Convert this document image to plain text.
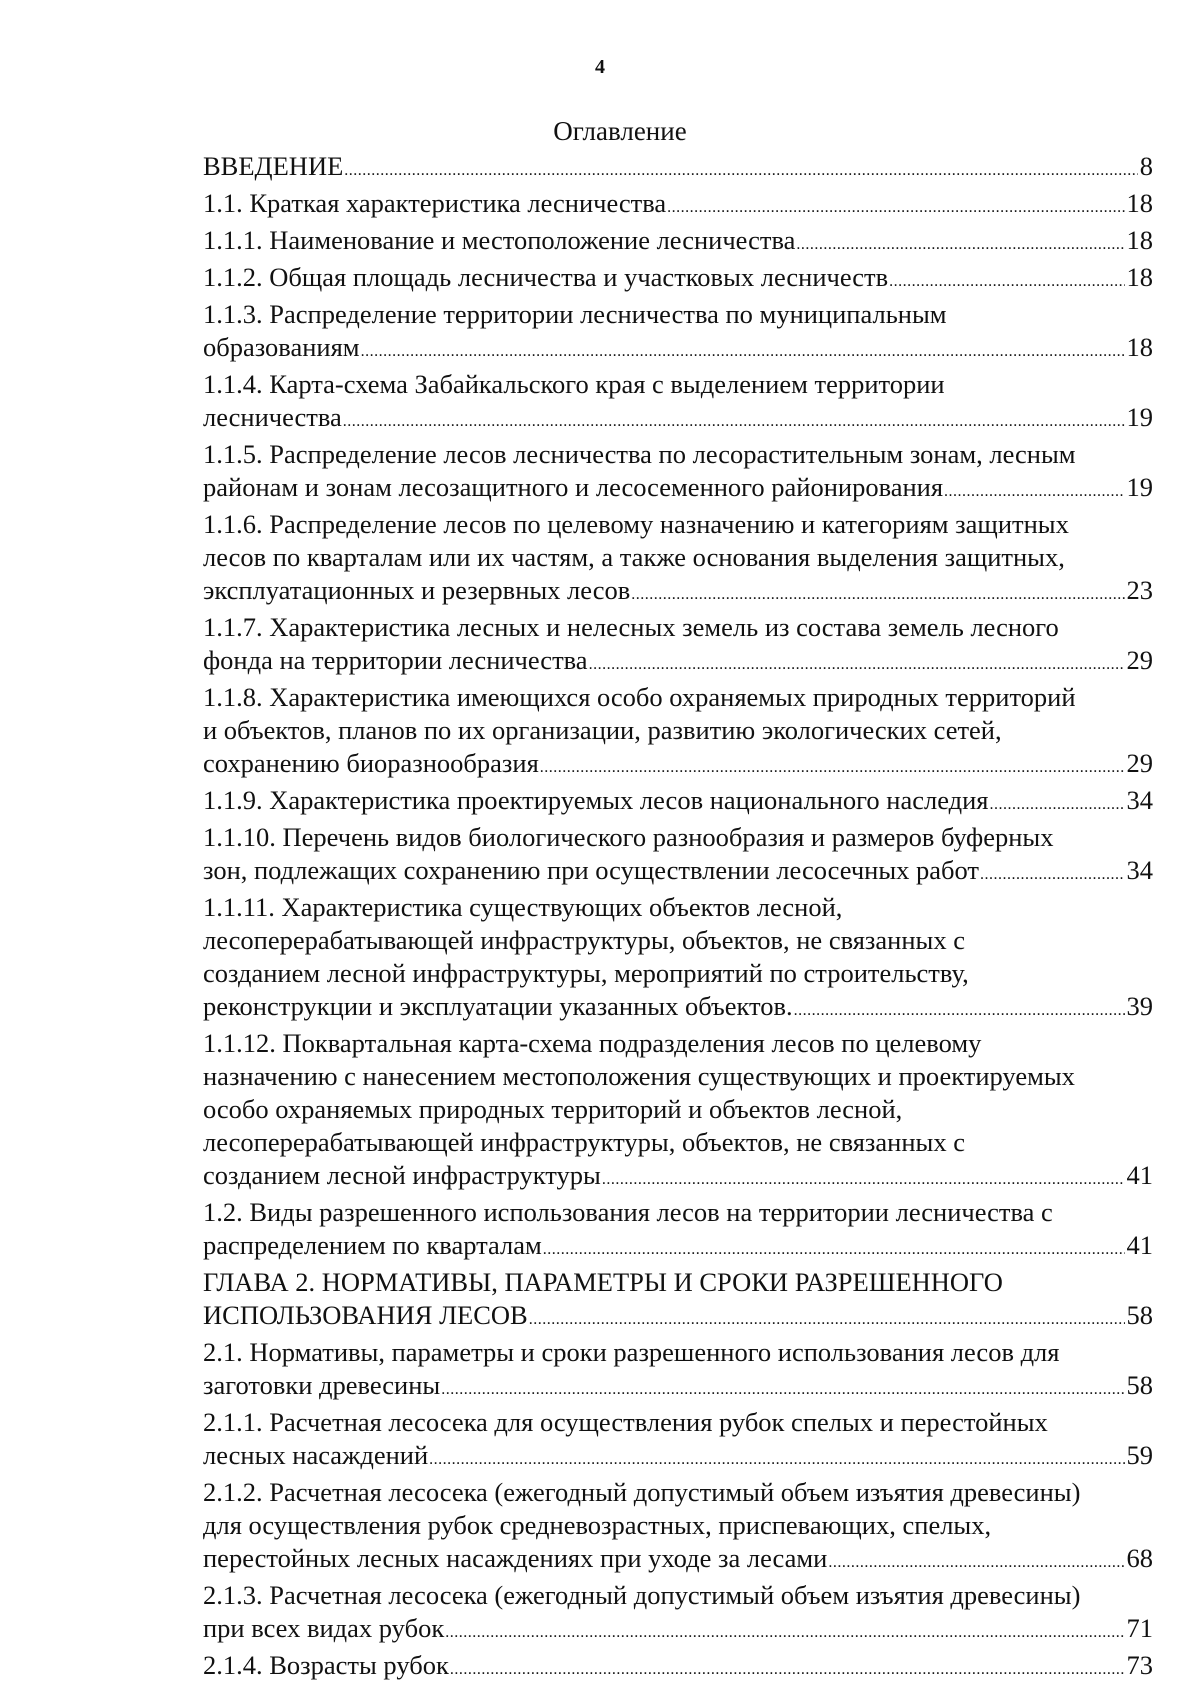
4
Оглавление
ВВЕДЕНИЕ .....	8
1.1. Краткая характеристика лесничества .....	18
1.1.1. Наименование и местоположение лесничества .....	18
1.1.2. Общая площадь лесничества и участковых лесничеств .....	18
1.1.3. Распределение территории лесничества по муниципальным
образованиям .....	18
1.1.4. Карта-схема Забайкальского края с выделением территории
лесничества .....	19
1.1.5. Распределение лесов лесничества по лесорастительным зонам, лесным
районам и зонам лесозащитного и лесосеменного районирования .....	19
1.1.6. Распределение лесов по целевому назначению и категориям защитных
лесов по кварталам или их частям, а также основания выделения защитных,
эксплуатационных и резервных лесов .....	23
1.1.7. Характеристика лесных и нелесных земель из состава земель лесного
фонда на территории лесничества .....	29
1.1.8. Характеристика имеющихся особо охраняемых природных территорий
и объектов, планов по их организации, развитию экологических сетей,
сохранению биоразнообразия .....	29
1.1.9. Характеристика проектируемых лесов национального наследия .....	34
1.1.10. Перечень видов биологического разнообразия и размеров буферных
зон, подлежащих сохранению при осуществлении лесосечных работ .....	34
1.1.11. Характеристика существующих объектов лесной,
лесоперерабатывающей инфраструктуры, объектов, не связанных с
созданием лесной инфраструктуры, мероприятий по строительству,
реконструкции и эксплуатации указанных объектов. .....	39
1.1.12. Поквартальная карта-схема подразделения лесов по целевому
назначению с нанесением местоположения существующих и проектируемых
особо охраняемых природных территорий и объектов лесной,
лесоперерабатывающей инфраструктуры, объектов, не связанных с
созданием лесной инфраструктуры .....	41
1.2. Виды разрешенного использования лесов на территории лесничества с
распределением по кварталам .....	41
ГЛАВА 2. НОРМАТИВЫ, ПАРАМЕТРЫ И СРОКИ РАЗРЕШЕННОГО
ИСПОЛЬЗОВАНИЯ ЛЕСОВ .....	58
2.1. Нормативы, параметры и сроки разрешенного использования лесов для
заготовки древесины .....	58
2.1.1. Расчетная лесосека для осуществления рубок спелых и перестойных
лесных насаждений .....	59
2.1.2. Расчетная лесосека (ежегодный допустимый объем изъятия древесины)
для осуществления рубок средневозрастных, приспевающих, спелых,
перестойных лесных насаждениях при уходе за лесами .....	68
2.1.3. Расчетная лесосека (ежегодный допустимый объем изъятия древесины)
при всех видах рубок .....	71
2.1.4. Возрасты рубок .....	73
